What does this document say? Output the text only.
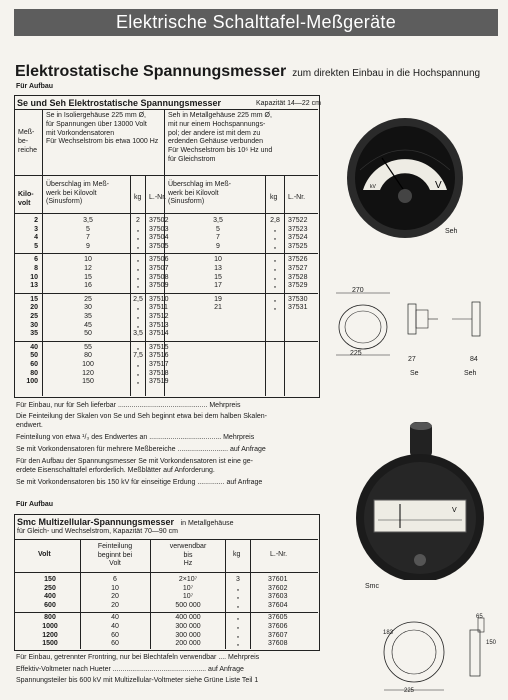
Elektrische Schalttafel-Meßgeräte
Elektrostatische Spannungsmesser zum direkten Einbau in die Hochspannung
Für Aufbau
Se und Seh Elektrostatische Spannungsmesser	Kapazität 14—22 cm
Meß-
be-
reiche
Se in Isoliergehäuse 225 mm Ø,
für Spannungen über 13000 Volt
mit Vorkondensatoren
Für Wechselstrom bis etwa 1000 Hz
Seh in Metallgehäuse 225 mm Ø,
mit nur einem Hochspannungs-
pol; der andere ist mit dem zu
erdenden Gehäuse verbunden
Für Wechselstrom bis 10⁶ Hz und
für Gleichstrom
Kilo-
volt
Überschlag im Meß-
werk bei Kilovolt
(Sinusform)
kg L.-Nr.
Überschlag im Meß-
werk bei Kilovolt
(Sinusform)
kg L.-Nr.
2	3,5	2	37502	3,5	2,8	37522
3	5	„	37503	5	„	37523
4	7	„	37504	7	„	37524
5	9	„	37505	9	„	37525
6	10	„	37506	10	„	37526
8	12	„	37507	13	„	37527
10	15	„	37508	15	„	37528
13	16	„	37509	17	„	37529
15	25	2,5 37510	19	„	37530
20	30	„	37511	21	„	37531
25	35	„	37512
30	45	„	37513
35	50	3,5 37514
40	55	„	37515
50	80	7,5 37516
60	100	„	37517
80	120	„	37518
100	150	„	37519
Für Einbau, nur für Seh lieferbar .............................................. Mehrpreis
Die Feinteilung der Skalen von Se und Seh beginnt etwa bei dem halben Skalen-
endwert.
Feinteilung von etwa ¹/₃ des Endwertes an ..................................... Mehrpreis
Se mit Vorkondensatoren für mehrere Meßbereiche .......................... auf Anfrage
Für den Aufbau der Spannungsmesser Se mit Vorkondensatoren ist eine ge-
erdete Eisenschalttafel erforderlich. Meßblätter auf Anforderung.
Se mit Vorkondensatoren bis 150 kV für einseitige Erdung .............. auf Anfrage
Für Aufbau
Smc Multizellular-Spannungsmesser in Metallgehäuse
für Gleich- und Wechselstrom, Kapazität 70—90 cm
Volt
Feinteilung
beginnt bei
Volt
verwendbar
bis
Hz
kg	L.-Nr.
150	6	2×10⁷	3	37601
250	10	10⁷	„	37602
400	20	10⁷	„	37603
600	20	500 000	„	37604
800	40	400 000	„	37605
1000	40	300 000	„	37606
1200	60	300 000	„	37607
1500	60	200 000	„	37608
Für Einbau, getrennter Frontring, nur bei Blechtafeln verwendbar .... Mehrpreis
Effektiv-Voltmeter nach Hueter ................................................ auf Anfrage
Spannungsteiler bis 600 kV mit Multizellular-Voltmeter siehe Grüne Liste Teil 1
V
kV
Seh
270
225
27
Se
84
Seh
V
Smc
183
225
150
65
